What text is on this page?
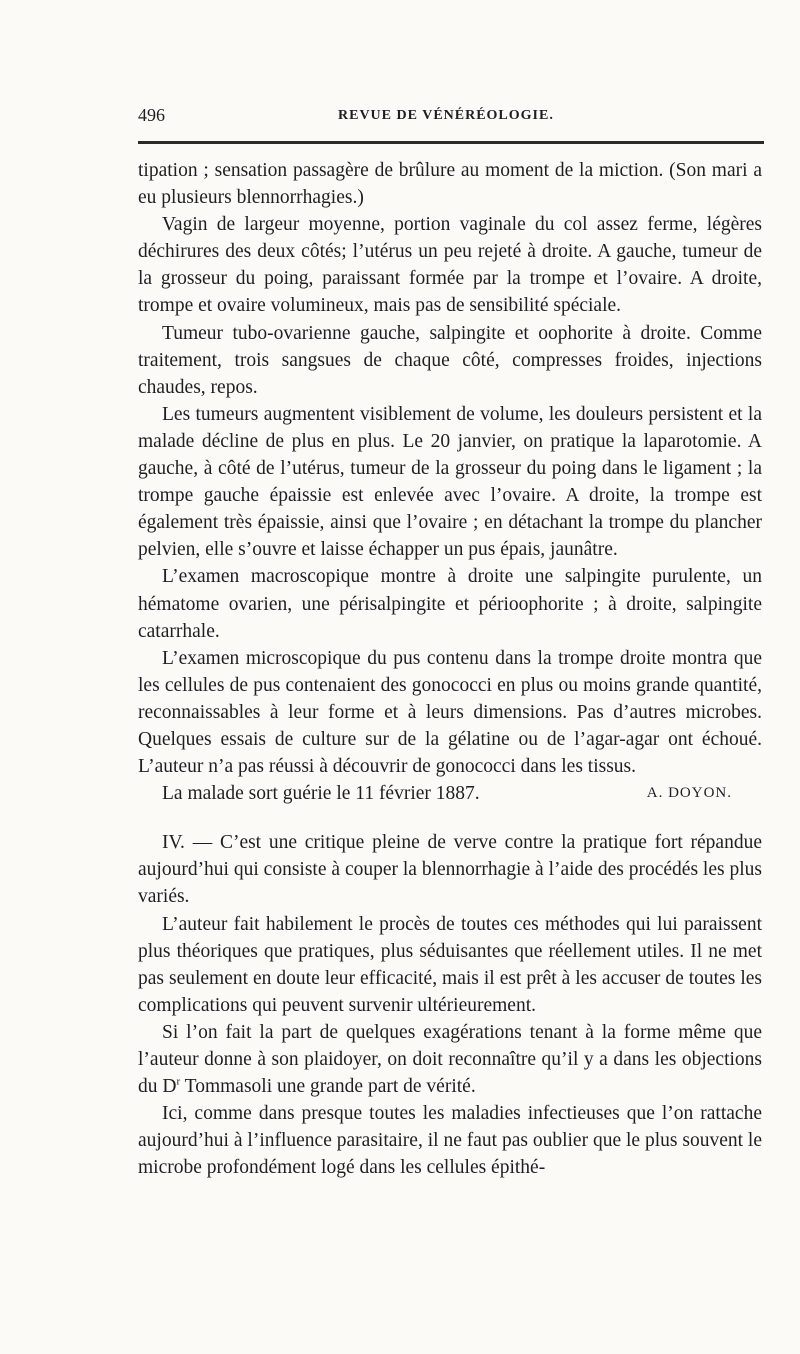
496	REVUE DE VÉNÉRÉOLOGIE.

tipation ; sensation passagère de brûlure au moment de la miction. (Son mari a eu plusieurs blennorrhagies.)

Vagin de largeur moyenne, portion vaginale du col assez ferme, légères déchirures des deux côtés; l’utérus un peu rejeté à droite. A gauche, tumeur de la grosseur du poing, paraissant formée par la trompe et l’ovaire. A droite, trompe et ovaire volumineux, mais pas de sensibilité spéciale.

Tumeur tubo-ovarienne gauche, salpingite et oophorite à droite. Comme traitement, trois sangsues de chaque côté, compresses froides, injections chaudes, repos.

Les tumeurs augmentent visiblement de volume, les douleurs persistent et la malade décline de plus en plus. Le 20 janvier, on pratique la laparotomie. A gauche, à côté de l’utérus, tumeur de la grosseur du poing dans le ligament ; la trompe gauche épaissie est enlevée avec l’ovaire. A droite, la trompe est également très épaissie, ainsi que l’ovaire ; en détachant la trompe du plancher pelvien, elle s’ouvre et laisse échapper un pus épais, jaunâtre.

L’examen macroscopique montre à droite une salpingite purulente, un hématome ovarien, une périsalpingite et périoophorite ; à droite, salpingite catarrhale.

L’examen microscopique du pus contenu dans la trompe droite montra que les cellules de pus contenaient des gonococci en plus ou moins grande quantité, reconnaissables à leur forme et à leurs dimensions. Pas d’autres microbes. Quelques essais de culture sur de la gélatine ou de l’agar-agar ont échoué. L’auteur n’a pas réussi à découvrir de gonococci dans les tissus.

La malade sort guérie le 11 février 1887.	A. DOYON.

IV. — C’est une critique pleine de verve contre la pratique fort répandue aujourd’hui qui consiste à couper la blennorrhagie à l’aide des procédés les plus variés.

L’auteur fait habilement le procès de toutes ces méthodes qui lui paraissent plus théoriques que pratiques, plus séduisantes que réellement utiles. Il ne met pas seulement en doute leur efficacité, mais il est prêt à les accuser de toutes les complications qui peuvent survenir ultérieurement.

Si l’on fait la part de quelques exagérations tenant à la forme même que l’auteur donne à son plaidoyer, on doit reconnaître qu’il y a dans les objections du $D^r$ Tommasoli une grande part de vérité.

Ici, comme dans presque toutes les maladies infectieuses que l’on rattache aujourd’hui à l’influence parasitaire, il ne faut pas oublier que le plus souvent le microbe profondément logé dans les cellules épithé-
